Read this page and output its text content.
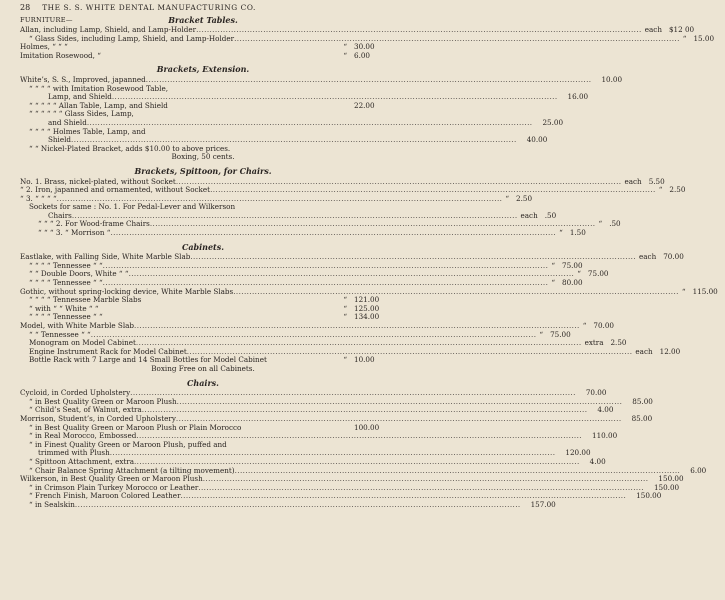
28 THE S. S. WHITE DENTAL MANUFACTURING CO.
FURNITURE—	Bracket Tables.
Allan, including Lamp, Shield, and Lamp-Holder .....	each $12 00
“ Glass Sides, including Lamp, Shield, and Lamp-Holder .....	“ 15.00
Holmes, “ “ “	“ 30.00
Imitation Rosewood, “	“ 6.00
Brackets, Extension.
White’s, S. S., Improved, japanned .....	10.00
“ “ “ “ with Imitation Rosewood Table,
Lamp, and Shield .....	16.00
“ “ “ “ “ Allan Table, Lamp, and Shield	22.00
“ “ “ “ “ “ Glass Sides, Lamp,
and Shield .....	25.00
“ “ “ “ Holmes Table, Lamp, and
Shield .....	40.00
“ “ Nickel-Plated Bracket, adds $10.00 to above prices.
Boxing, 50 cents.
Brackets, Spittoon, for Chairs.
No. 1. Brass, nickel-plated, without Socket .....	each 5.50
“ 2. Iron, japanned and ornamented, without Socket .....	“ 2.50
“ 3. “ “ “ “ .....	“ 2.50
Sockets for same : No. 1. For Pedal-Lever and Wilkerson
Chairs .....	each .50
“ “ “ 2. For Wood-frame Chairs .....	“ .50
“ “ “ 3. “ Morrison “ .....	“ 1.50
Cabinets.
Eastlake, with Falling Side, White Marble Slab .....	each 70.00
“ “ “ “ Tennessee “ “ .....	“ 75.00
“ “ Double Doors, White “ “ .....	“ 75.00
“ “ “ “ Tennessee “ “ .....	“ 80.00
Gothic, without spring-locking device, White Marble Slabs .....	“ 115.00
“ “ “ “ Tennessee Marble Slabs	“ 121.00
“ with “ “ White “ “	“ 125.00
“ “ “ “ Tennessee “ “	“ 134.00
Model, with White Marble Slab .....	“ 70.00
“ “ Tennessee “ “ .....	“ 75.00
Monogram on Model Cabinet .....	extra 2.50
Engine Instrument Rack for Model Cabinet .....	each 12.00
Bottle Rack with 7 Large and 14 Small Bottles for Model Cabinet	“ 10.00
Boxing Free on all Cabinets.
Chairs.
Cycloid, in Corded Upholstery .....	70.00
“ in Best Quality Green or Maroon Plush .....	85.00
“ Child’s Seat, of Walnut, extra .....	4.00
Morrison, Student’s, in Corded Upholstery .....	85.00
“ in Best Quality Green or Maroon Plush or Plain Morocco	100.00
“ in Real Morocco, Embossed .....	110.00
“ in Finest Quality Green or Maroon Plush, puffed and
trimmed with Plush .....	120.00
“ Spittoon Attachment, extra .....	4.00
“ Chair Balance Spring Attachment (a tilting movement) .....	6.00
Wilkerson, in Best Quality Green or Maroon Plush .....	150.00
“ in Crimson Plain Turkey Morocco or Leather .....	150.00
“ French Finish, Maroon Colored Leather .....	150.00
“ in Sealskin .....	157.00
